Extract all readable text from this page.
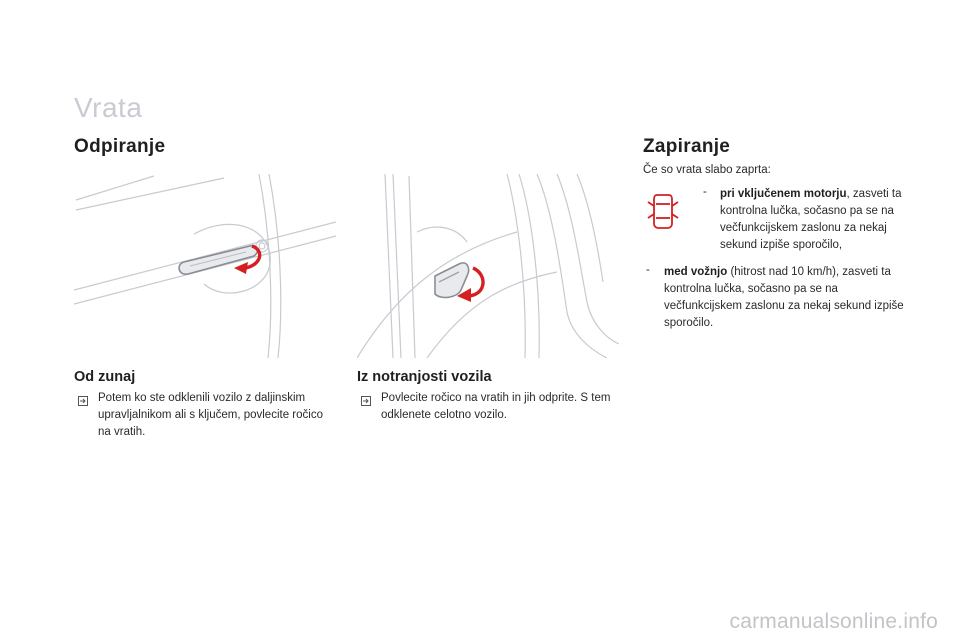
Vrata
Odpiranje	Zapiranje
Od zunaj	Iz notranjosti vozila
Potem ko ste odklenili vozilo z daljinskim upravljalnikom ali s ključem, povlecite ročico na vratih.
Povlecite ročico na vratih in jih odprite. S tem odklenete celotno vozilo.
Če so vrata slabo zaprta:
- pri vključenem motorju, zasveti ta kontrolna lučka, sočasno pa se na večfunkcijskem zaslonu za nekaj sekund izpiše sporočilo,
- med vožnjo (hitrost nad 10 km/h), zasveti ta kontrolna lučka, sočasno pa se na večfunkcijskem zaslonu za nekaj sekund izpiše sporočilo.
carmanualsonline.info
